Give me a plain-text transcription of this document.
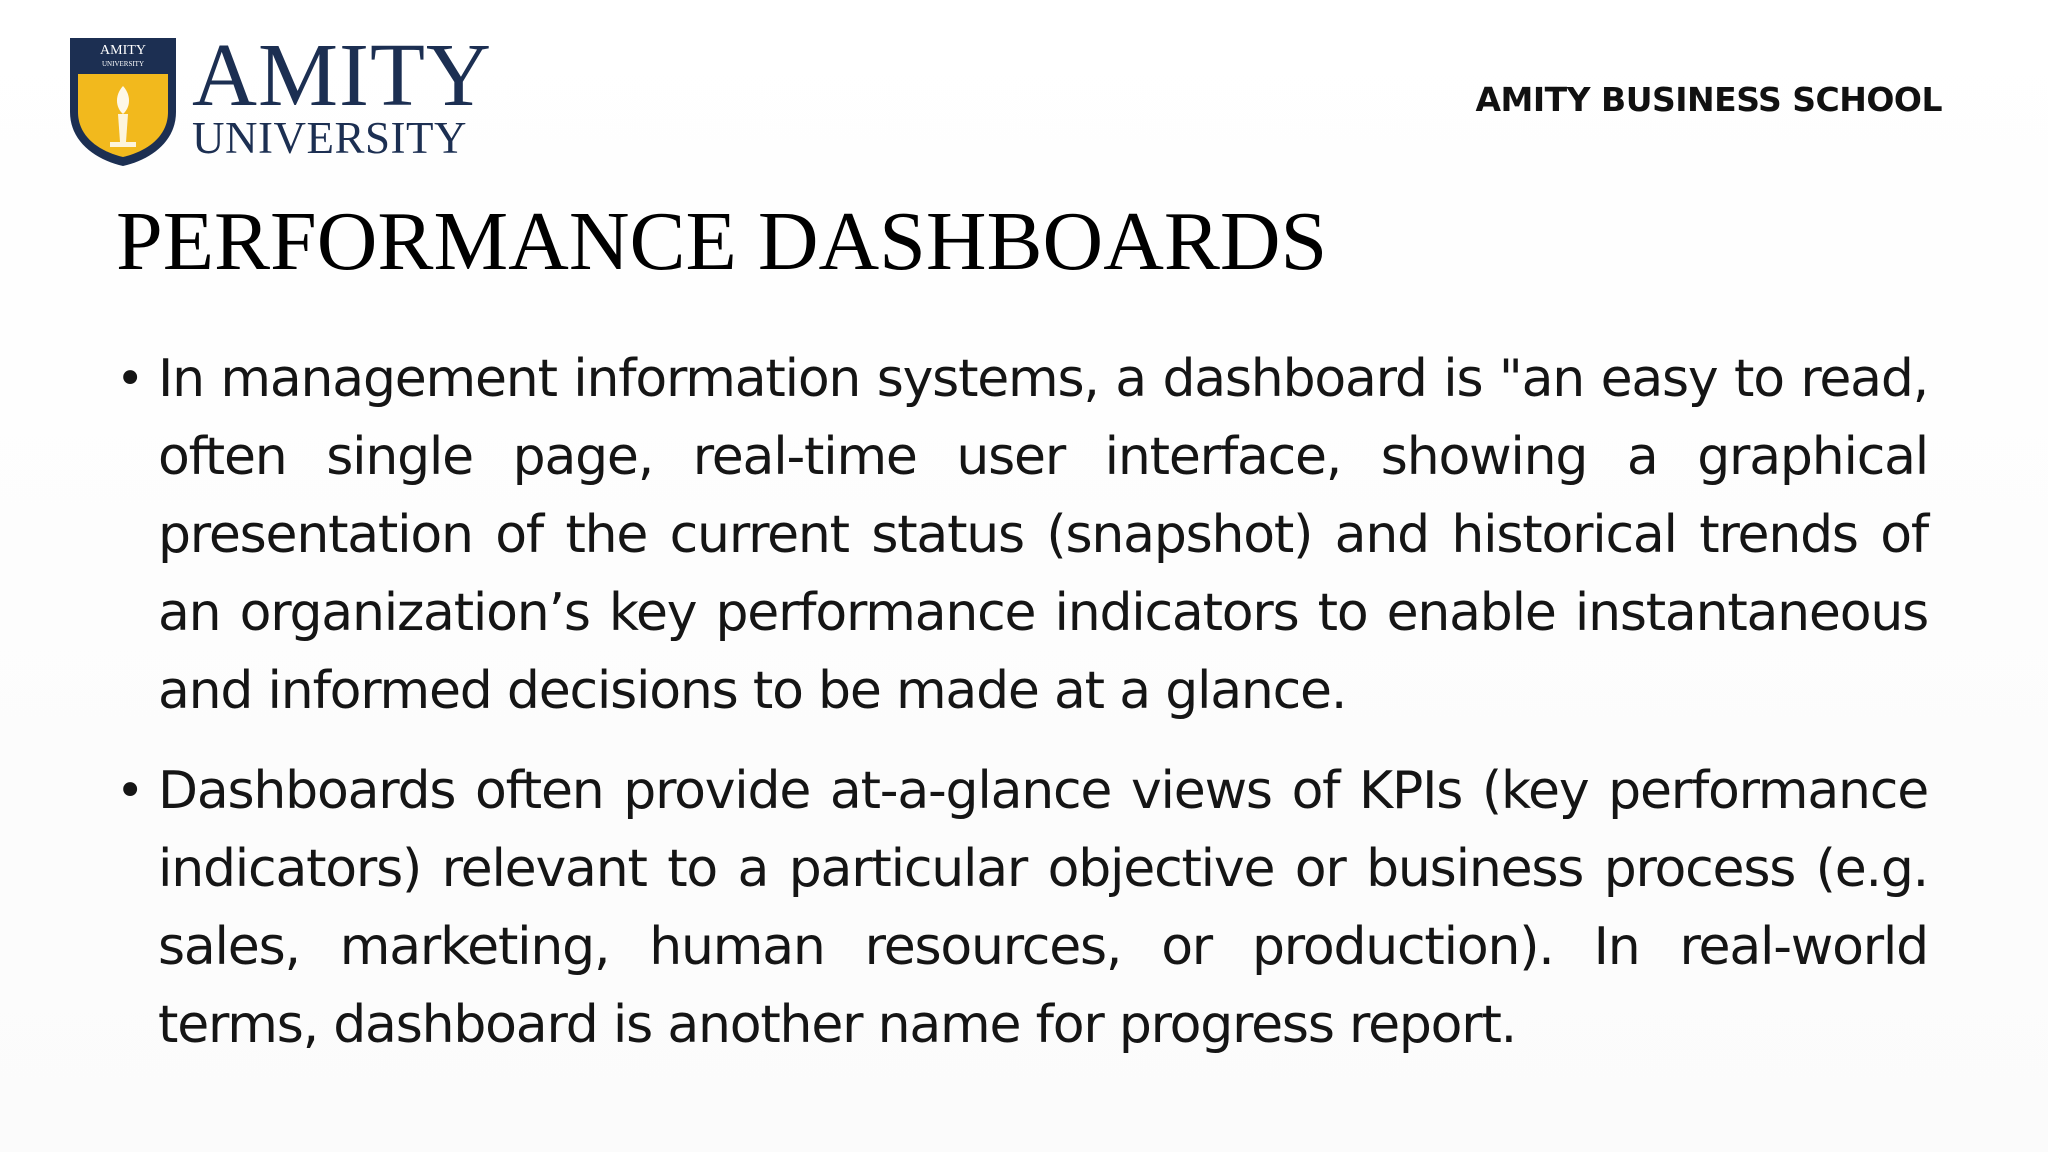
AMITY
UNIVERSITY AMITY
UNIVERSITY
AMITY BUSINESS SCHOOL
PERFORMANCE DASHBOARDS
• In management information systems, a dashboard is "an easy to read, often single page, real-time user interface, showing a graphical presentation of the current status (snapshot) and historical trends of an organization’s key performance indicators to enable instantaneous and informed decisions to be made at a glance.
• Dashboards often provide at-a-glance views of KPIs (key performance indicators) relevant to a particular objective or business process (e.g. sales, marketing, human resources, or production). In real-world terms, dashboard is another name for progress report.
